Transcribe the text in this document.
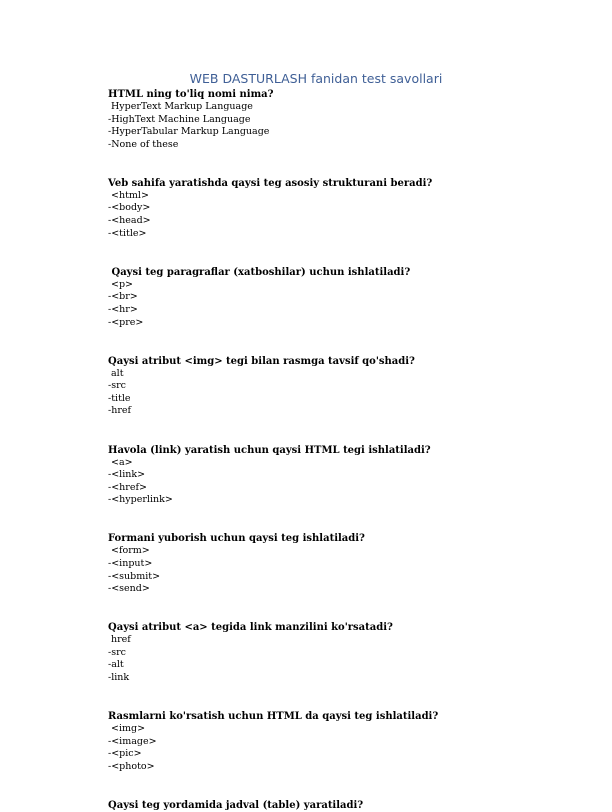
WEB DASTURLASH fanidan test savollari
HTML ning to'liq nomi nima?
HyperText Markup Language
-HighText Machine Language
-HyperTabular Markup Language
-None of these
Veb sahifa yaratishda qaysi teg asosiy strukturani beradi?
<html>
-<body>
-<head>
-<title>
Qaysi teg paragraflar (xatboshilar) uchun ishlatiladi?
<p>
-<br>
-<hr>
-<pre>
Qaysi atribut <img> tegi bilan rasmga tavsif qo'shadi?
alt
-src
-title
-href
Havola (link) yaratish uchun qaysi HTML tegi ishlatiladi?
<a>
-<link>
-<href>
-<hyperlink>
Formani yuborish uchun qaysi teg ishlatiladi?
<form>
-<input>
-<submit>
-<send>
Qaysi atribut <a> tegida link manzilini ko'rsatadi?
href
-src
-alt
-link
Rasmlarni ko'rsatish uchun HTML da qaysi teg ishlatiladi?
<img>
-<image>
-<pic>
-<photo>
Qaysi teg yordamida jadval (table) yaratiladi?
